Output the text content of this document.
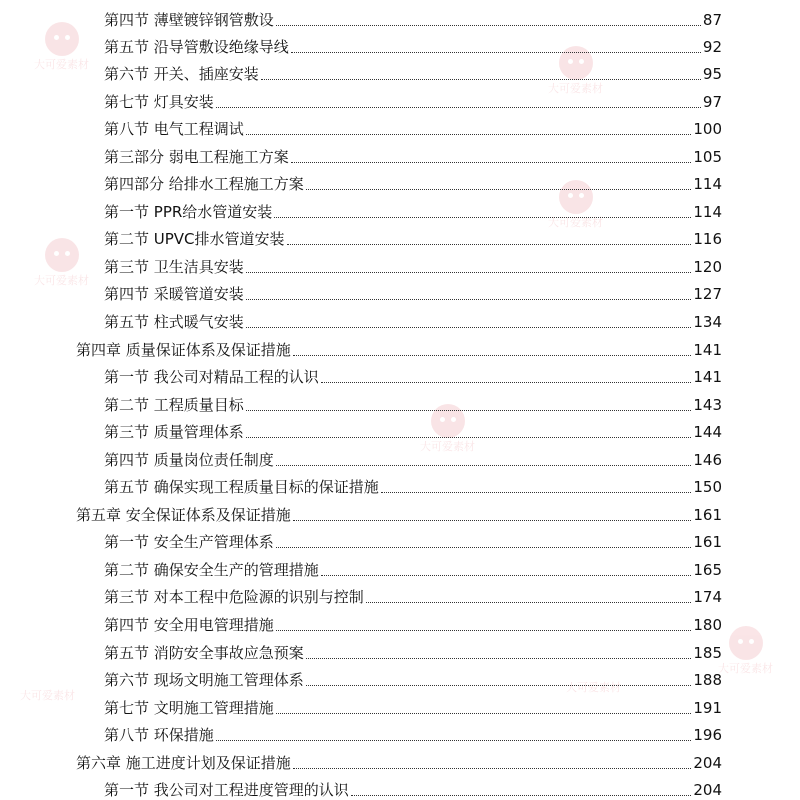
大可爱素材
大可爱素材
大可爱素材
大可爱素材
大可爱素材
大可爱素材
大可爱素材
大可爱素材
第四节 薄壁镀锌钢管敷设	87
第五节 沿导管敷设绝缘导线	92
第六节 开关、插座安装	95
第七节 灯具安装	97
第八节 电气工程调试	100
第三部分 弱电工程施工方案	105
第四部分 给排水工程施工方案	114
第一节 PPR给水管道安装	114
第二节 UPVC排水管道安装	116
第三节 卫生洁具安装	120
第四节 采暖管道安装	127
第五节 柱式暖气安装	134
第四章 质量保证体系及保证措施	141
第一节 我公司对精品工程的认识	141
第二节 工程质量目标	143
第三节 质量管理体系	144
第四节 质量岗位责任制度	146
第五节 确保实现工程质量目标的保证措施	150
第五章 安全保证体系及保证措施	161
第一节 安全生产管理体系	161
第二节 确保安全生产的管理措施	165
第三节 对本工程中危险源的识别与控制	174
第四节 安全用电管理措施	180
第五节 消防安全事故应急预案	185
第六节 现场文明施工管理体系	188
第七节 文明施工管理措施	191
第八节 环保措施	196
第六章 施工进度计划及保证措施	204
第一节 我公司对工程进度管理的认识	204
